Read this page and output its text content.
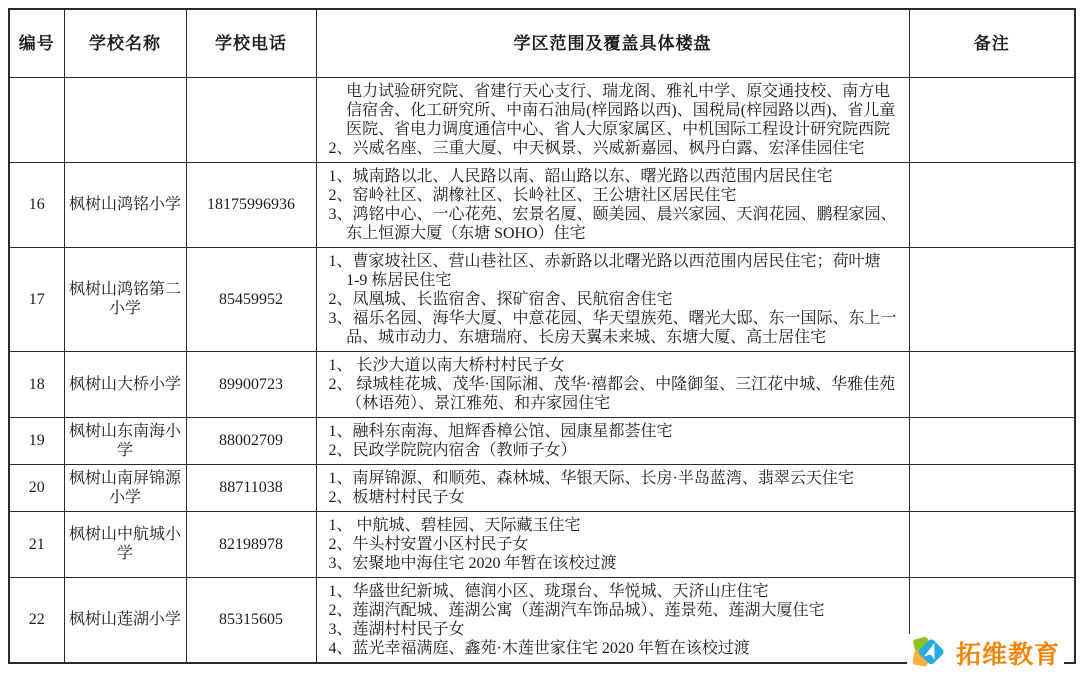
编号	学校名称	学校电话	学区范围及覆盖具体楼盘	备注

			电力试验研究院、省建行天心支行、瑞龙阁、雅礼中学、原交通技校、南方电信宿舍、化工研究所、中南石油局(梓园路以西)、国税局(梓园路以西)、省儿童医院、省电力调度通信中心、省人大原家属区、中机国际工程设计研究院西院
2、兴威名座、三重大厦、中天枫景、兴威新嘉园、枫丹白露、宏泽佳园住宅	

16	枫树山鸿铭小学	18175996936	1、城南路以北、人民路以南、韶山路以东、曙光路以西范围内居民住宅
2、窑岭社区、湖橡社区、长岭社区、王公塘社区居民住宅
3、鸿铭中心、一心花苑、宏景名厦、颐美园、晨兴家园、天润花园、鹏程家园、东上恒源大厦（东塘 SOHO）住宅	

17	枫树山鸿铭第二小学	85459952	1、曹家坡社区、营山巷社区、赤新路以北曙光路以西范围内居民住宅；荷叶塘 1-9 栋居民住宅
2、凤凰城、长监宿舍、探矿宿舍、民航宿舍住宅
3、福乐名园、海华大厦、中意花园、华天望族苑、曙光大邸、东一国际、东上一品、城市动力、东塘瑞府、长房天翼未来城、东塘大厦、高士居住宅	

18	枫树山大桥小学	89900723	1、 长沙大道以南大桥村村民子女
2、 绿城桂花城、茂华·国际湘、茂华·禧都会、中隆御玺、三江花中城、华雅佳苑（林语苑）、景江雅苑、和卉家园住宅	

19	枫树山东南海小学	88002709	1、融科东南海、旭辉香樟公馆、园康星都荟住宅
2、民政学院院内宿舍（教师子女）	

20	枫树山南屏锦源小学	88711038	1、南屏锦源、和顺苑、森林城、华银天际、长房·半岛蓝湾、翡翠云天住宅
2、板塘村村民子女	

21	枫树山中航城小学	82198978	1、 中航城、碧桂园、天际藏玉住宅
2、牛头村安置小区村民子女
3、宏聚地中海住宅 2020 年暂在该校过渡	

22	枫树山莲湖小学	85315605	1、华盛世纪新城、德润小区、珑璟台、华悦城、天济山庄住宅
2、莲湖汽配城、莲湖公寓（莲湖汽车饰品城）、莲景苑、莲湖大厦住宅
3、莲湖村村民子女
4、蓝光幸福满庭、鑫苑·木莲世家住宅 2020 年暂在该校过渡	
		拓维教育
